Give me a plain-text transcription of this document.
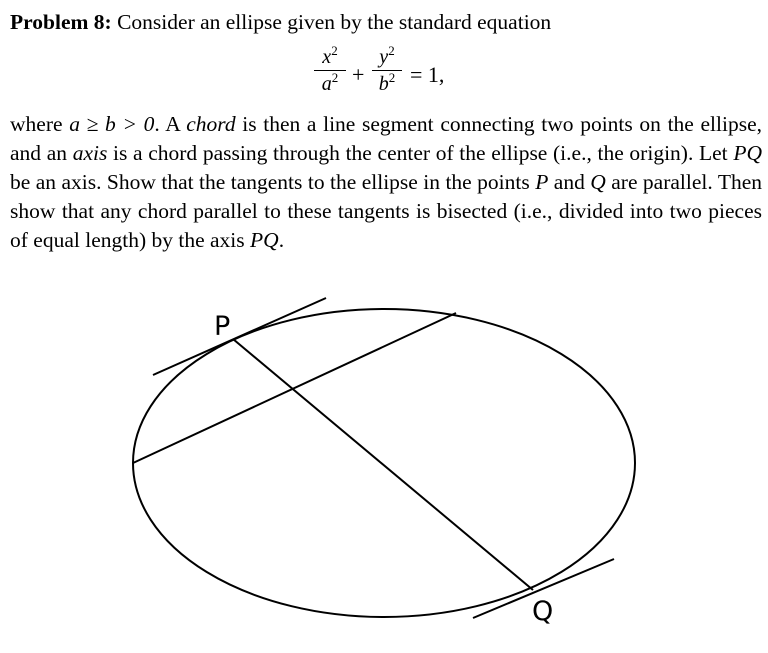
Problem 8: Consider an ellipse given by the standard equation
$x^2$
$a^2$ +
$y^2$
$b^2 = 1$,
where a ≥ b > 0. A chord is then a line segment connecting two points on the ellipse, and an axis is a chord passing through the center of the ellipse (i.e., the origin). Let PQ be an axis. Show that the tangents to the ellipse in the points P and Q are parallel. Then show that any chord parallel to these tangents is bisected (i.e., divided into two pieces of equal length) by the axis PQ.
P
Q
